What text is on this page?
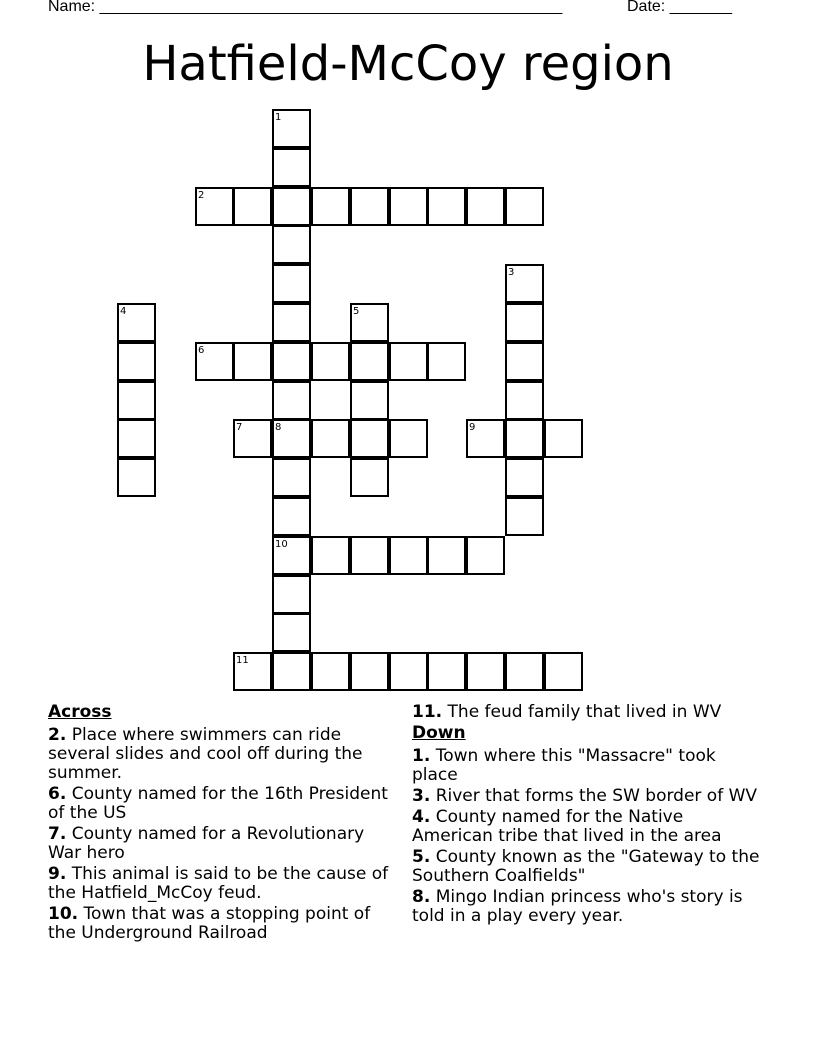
Name: ____________________________________________________	Date: _______
Hatfield-McCoy region
1
2
3
4	5
6
7	8
10
9
11
Across
2. Place where swimmers can ride several slides and cool off during the summer.
6. County named for the 16th President of the US
7. County named for a Revolutionary War hero
9. This animal is said to be the cause of the Hatfield_McCoy feud.
10. Town that was a stopping point of the Underground Railroad
11. The feud family that lived in WV
Down
1. Town where this "Massacre" took place
3. River that forms the SW border of WV
4. County named for the Native American tribe that lived in the area
5. County known as the "Gateway to the Southern Coalfields"
8. Mingo Indian princess who's story is told in a play every year.
